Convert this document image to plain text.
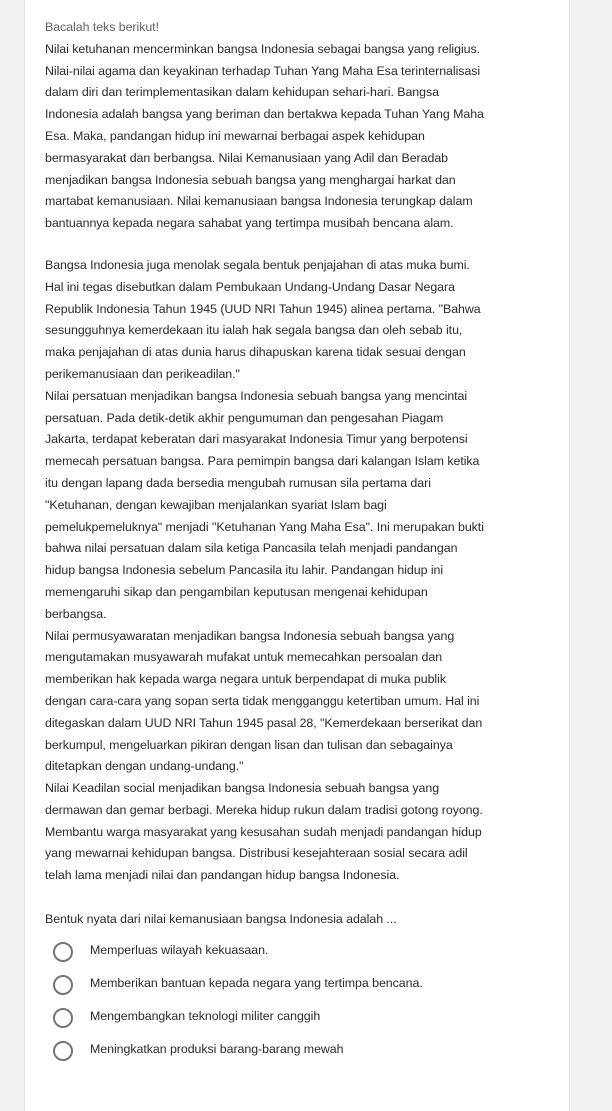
Bacalah teks berikut!

Nilai ketuhanan mencerminkan bangsa Indonesia sebagai bangsa yang religius.
Nilai-nilai agama dan keyakinan terhadap Tuhan Yang Maha Esa terinternalisasi
dalam diri dan terimplementasikan dalam kehidupan sehari-hari. Bangsa
Indonesia adalah bangsa yang beriman dan bertakwa kepada Tuhan Yang Maha
Esa. Maka, pandangan hidup ini mewarnai berbagai aspek kehidupan
bermasyarakat dan berbangsa. Nilai Kemanusiaan yang Adil dan Beradab
menjadikan bangsa Indonesia sebuah bangsa yang menghargai harkat dan
martabat kemanusiaan. Nilai kemanusiaan bangsa Indonesia terungkap dalam
bantuannya kepada negara sahabat yang tertimpa musibah bencana alam.

Bangsa Indonesia juga menolak segala bentuk penjajahan di atas muka bumi.
Hal ini tegas disebutkan dalam Pembukaan Undang-Undang Dasar Negara
Republik Indonesia Tahun 1945 (UUD NRI Tahun 1945) alinea pertama. "Bahwa
sesungguhnya kemerdekaan itu ialah hak segala bangsa dan oleh sebab itu,
maka penjajahan di atas dunia harus dihapuskan karena tidak sesuai dengan
perikemanusiaan dan perikeadilan."

Nilai persatuan menjadikan bangsa Indonesia sebuah bangsa yang mencintai
persatuan. Pada detik-detik akhir pengumuman dan pengesahan Piagam
Jakarta, terdapat keberatan dari masyarakat Indonesia Timur yang berpotensi
memecah persatuan bangsa. Para pemimpin bangsa dari kalangan Islam ketika
itu dengan lapang dada bersedia mengubah rumusan sila pertama dari
"Ketuhanan, dengan kewajiban menjalankan syariat Islam bagi
pemelukpemeluknya" menjadi "Ketuhanan Yang Maha Esa". Ini merupakan bukti
bahwa nilai persatuan dalam sila ketiga Pancasila telah menjadi pandangan
hidup bangsa Indonesia sebelum Pancasila itu lahir. Pandangan hidup ini
memengaruhi sikap dan pengambilan keputusan mengenai kehidupan
berbangsa.

Nilai permusyawaratan menjadikan bangsa Indonesia sebuah bangsa yang
mengutamakan musyawarah mufakat untuk memecahkan persoalan dan
memberikan hak kepada warga negara untuk berpendapat di muka publik
dengan cara-cara yang sopan serta tidak mengganggu ketertiban umum. Hal ini
ditegaskan dalam UUD NRI Tahun 1945 pasal 28, "Kemerdekaan berserikat dan
berkumpul, mengeluarkan pikiran dengan lisan dan tulisan dan sebagainya
ditetapkan dengan undang-undang."

Nilai Keadilan social menjadikan bangsa Indonesia sebuah bangsa yang
dermawan dan gemar berbagi. Mereka hidup rukun dalam tradisi gotong royong.
Membantu warga masyarakat yang kesusahan sudah menjadi pandangan hidup
yang mewarnai kehidupan bangsa. Distribusi kesejahteraan sosial secara adil
telah lama menjadi nilai dan pandangan hidup bangsa Indonesia.

Bentuk nyata dari nilai kemanusiaan bangsa Indonesia adalah ...

Memperluas wilayah kekuasaan.
Memberikan bantuan kepada negara yang tertimpa bencana.
Mengembangkan teknologi militer canggih
Meningkatkan produksi barang-barang mewah
